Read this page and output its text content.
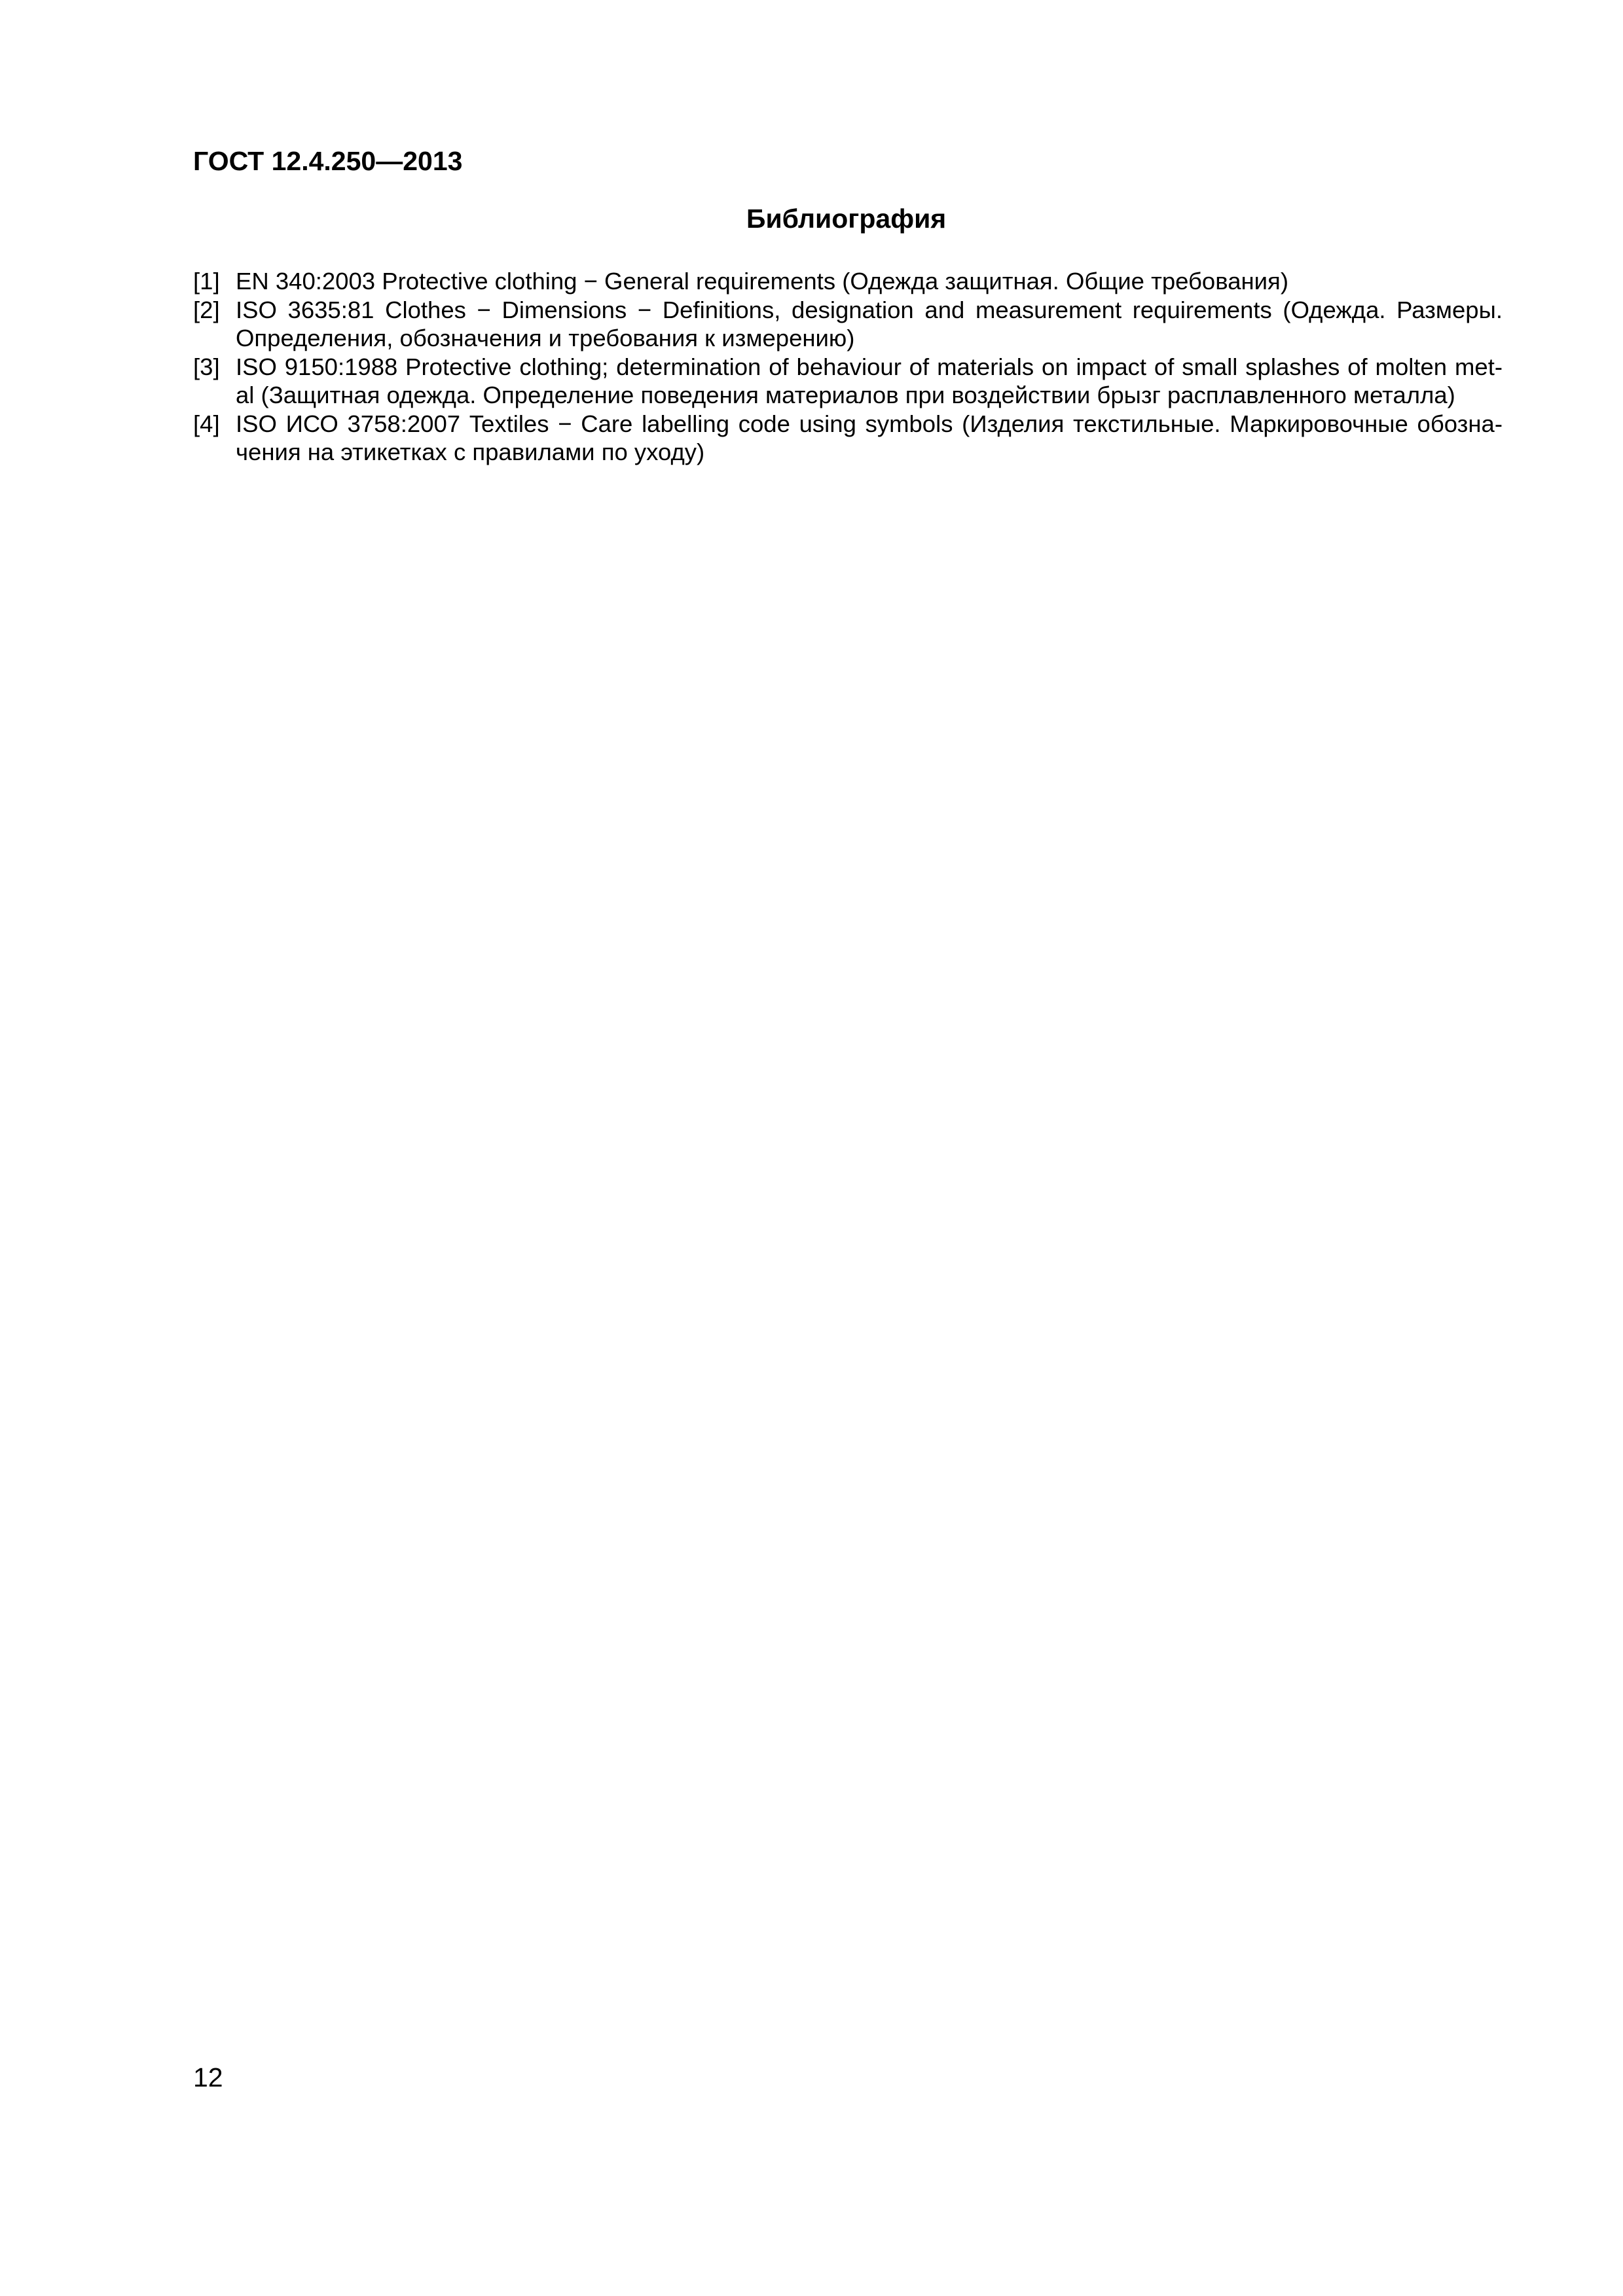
ГОСТ 12.4.250—2013
Библиография
[1] EN 340:2003 Protective clothing − General requirements (Одежда защитная. Общие требования)
[2] ISO 3635:81 Clothes − Dimensions − Definitions, designation and measurement requirements (Одежда. Размеры. Определения, обозначения и требования к измерению)
[3] ISO 9150:1988 Protective clothing; determination of behaviour of materials on impact of small splashes of molten met-al (Защитная одежда. Определение поведения материалов при воздействии брызг расплавленного металла)
[4] ISO ИСО 3758:2007 Textiles − Care labelling code using symbols (Изделия текстильные. Маркировочные обозна-чения на этикетках с правилами по уходу)
12
